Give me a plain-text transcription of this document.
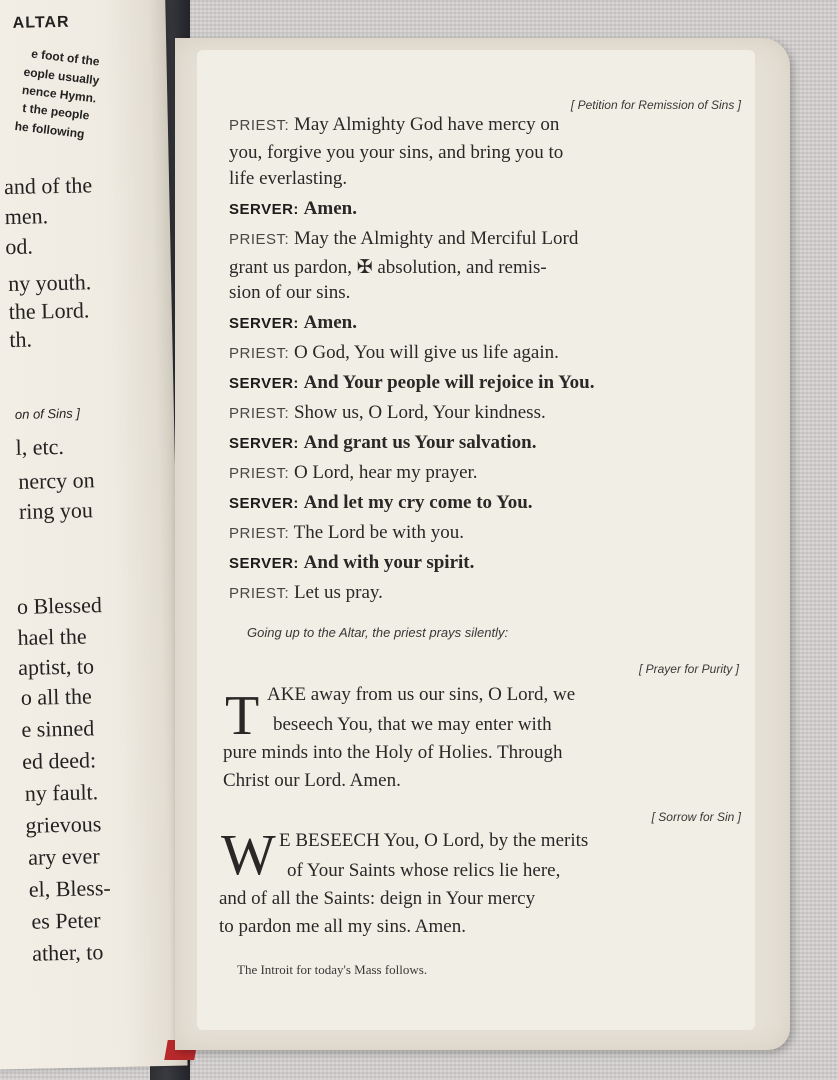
ALTAR
e foot of the
eople usually
nence Hymn.
t the people
he following
and of the
men.
od.
ny youth.
the Lord.
th.
on of Sins ]
l, etc.
nercy on
ring you
o Blessed
hael the
aptist, to
o all the
e sinned
ed deed:
ny fault.
grievous
ary ever
el, Bless-
es Peter
ather, to
[ Petition for Remission of Sins ]
PRIEST: May Almighty God have mercy on
you, forgive you your sins, and bring you to
life everlasting.
SERVER: Amen.
PRIEST: May the Almighty and Merciful Lord
grant us pardon, ✠ absolution, and remis-
sion of our sins.
SERVER: Amen.
PRIEST: O God, You will give us life again.
SERVER: And Your people will rejoice in You.
PRIEST: Show us, O Lord, Your kindness.
SERVER: And grant us Your salvation.
PRIEST: O Lord, hear my prayer.
SERVER: And let my cry come to You.
PRIEST: The Lord be with you.
SERVER: And with your spirit.
PRIEST: Let us pray.
Going up to the Altar, the priest prays silently:
[ Prayer for Purity ]
T AKE away from us our sins, O Lord, we
beseech You, that we may enter with
pure minds into the Holy of Holies. Through
Christ our Lord. Amen.
[ Sorrow for Sin ]
W E BESEECH You, O Lord, by the merits
of Your Saints whose relics lie here,
and of all the Saints: deign in Your mercy
to pardon me all my sins. Amen.
The Introit for today's Mass follows.
